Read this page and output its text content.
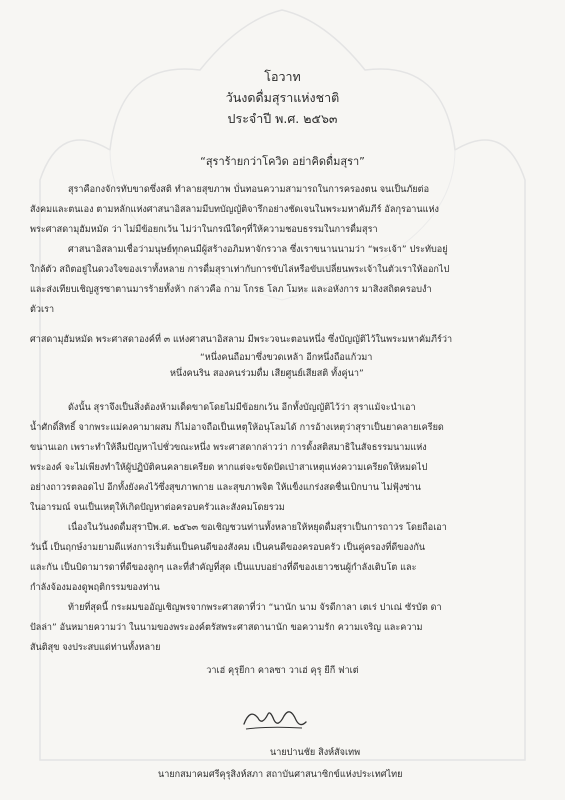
โอวาท
วันงดดื่มสุราแห่งชาติ
ประจำปี พ.ศ. ๒๕๖๓
“สุราร้ายกว่าโควิด อย่าคิดดื่มสุรา”

สุราคือกงจักรทับขาดซึ่งสติ ทำลายสุขภาพ บั่นทอนความสามารถในการครองตน จนเป็นภัยต่อ

สังคมและตนเอง ตามหลักแห่งศาสนาอิสลามมีบทบัญญัติจารึกอย่างชัดเจนในพระมหาคัมภีร์ อัลกุรอานแห่ง

พระศาสดามุฮัมหมัด ว่า ไม่มีข้อยกเว้น ไม่ว่าในกรณีใดๆที่ให้ความชอบธรรมในการดื่มสุรา

ศาสนาอิสลามเชื่อว่ามนุษย์ทุกคนมีผู้สร้างอภิมหาจักรวาล ซึ่งเราขนานนามว่า “พระเจ้า” ประทับอยู่

ใกล้ตัว สถิตอยู่ในดวงใจของเราทั้งหลาย การดื่มสุราเท่ากับการขับไล่หรือขับเปลี่ยนพระเจ้าในตัวเราให้ออกไป

และส่งเทียบเชิญสูรซาตานมารร้ายทั้งห้า กล่าวคือ กาม โกรธ โลภ โมหะ และอหังการ มาสิงสถิตครอบงำ

ตัวเรา

ศาสดามุฮัมหมัด พระศาสดาองค์ที่ ๓ แห่งศาสนาอิสลาม มีพระวจนะตอนหนึ่ง ซึ่งบัญญัติไว้ในพระมหาคัมภีร์ว่า

“หนึ่งคนถือมาซึ่งขวดเหล้า อีกหนึ่งถือแก้วมา

หนึ่งคนริน สองคนร่วมดื่ม เสียศูนย์เสียสติ ทั้งคู่นา”

ดังนั้น สุราจึงเป็นสิ่งต้องห้ามเด็ดขาดโดยไม่มีข้อยกเว้น อีกทั้งบัญญัติไว้ว่า สุราแม้จะนำเอา

น้ำศักดิ์สิทธิ์ จากพระแม่คงคามาผสม ก็ไม่อาจถือเป็นเหตุให้อนุโลมได้ การอ้างเหตุว่าสุราเป็นยาคลายเครียด

ขนานเอก เพราะทำให้ลืมปัญหาไปชั่วขณะหนึ่ง พระศาสดากล่าวว่า การดั้งสติสมาธิในสัจธรรมนามแห่ง

พระองค์ จะไม่เพียงทำให้ผู้ปฏิบัติคนคลายเครียด หากแต่จะขจัดปัดเป่าสาเหตุแห่งความเครียดให้หมดไป

อย่างถาวรตลอดไป อีกทั้งยังคงไว้ซึ่งสุขภาพกาย และสุขภาพจิต ให้แข็งแกร่งสดชื่นเบิกบาน ไม่ฟุ้งซ่าน

ในอารมณ์ จนเป็นเหตุให้เกิดปัญหาต่อครอบครัวและสังคมโดยรวม

เนื่องในวันงดดื่มสุราปีพ.ศ. ๒๕๖๓ ขอเชิญชวนท่านทั้งหลายให้หยุดดื่มสุราเป็นการถาวร โดยถือเอา

วันนี้ เป็นฤกษ์งามยามดีแห่งการเริ่มต้นเป็นคนดีของสังคม เป็นคนดีของครอบครัว เป็นคู่ครองที่ดีของกัน

และกัน เป็นบิดามารดาที่ดีของลูกๆ และที่สำคัญที่สุด เป็นแบบอย่างที่ดีของเยาวชนผู้กำลังเติบโต และ

กำลังจ้องมองดูพฤติกรรมของท่าน

ท้ายที่สุดนี้ กระผมขออัญเชิญพรจากพระศาสดาที่ว่า “นานัก นาม จัรดีกาลา เตเร่ ปาเณ่ ซัรบัต ดา

ปัลล่า” อันหมายความว่า ในนามของพระองค์ตรัสพระศาสดานานัก ขอความรัก ความเจริญ และความ

สันติสุข จงประสบแด่ท่านทั้งหลาย

วาเฮ่ คุรุยีกา คาลซา วาเฮ่ คุรุ ยีกี ฟาเต่
นายปานชัย สิงห์สัจเทพ
นายกสมาคมศรีคุรุสิงห์สภา สถาบันศาสนาซิกข์แห่งประเทศไทย
